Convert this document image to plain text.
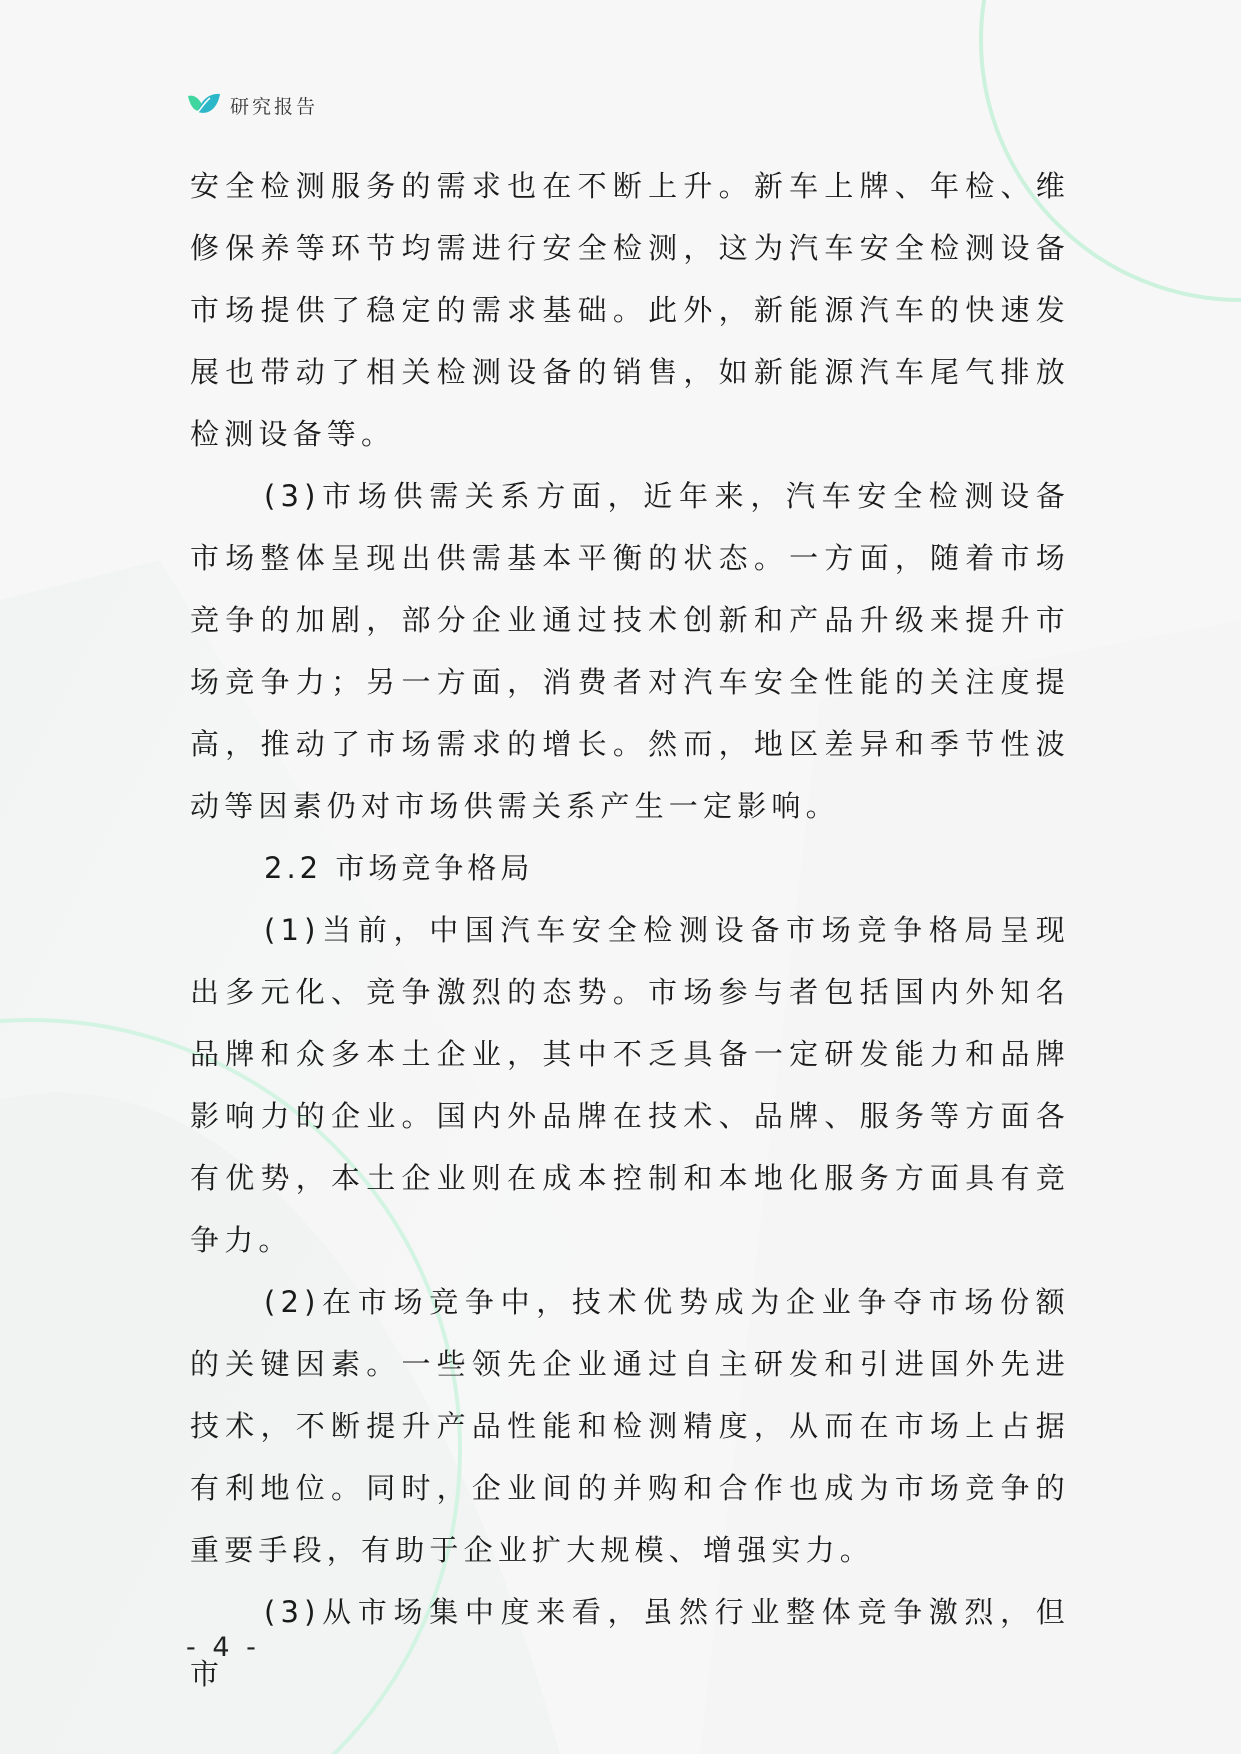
研究报告

安全检测服务的需求也在不断上升。新车上牌、年检、维修保养等环节均需进行安全检测，这为汽车安全检测设备市场提供了稳定的需求基础。此外，新能源汽车的快速发展也带动了相关检测设备的销售，如新能源汽车尾气排放检测设备等。

(3)市场供需关系方面，近年来，汽车安全检测设备市场整体呈现出供需基本平衡的状态。一方面，随着市场竞争的加剧，部分企业通过技术创新和产品升级来提升市场竞争力；另一方面，消费者对汽车安全性能的关注度提高，推动了市场需求的增长。然而，地区差异和季节性波动等因素仍对市场供需关系产生一定影响。

2.2 市场竞争格局

(1)当前，中国汽车安全检测设备市场竞争格局呈现出多元化、竞争激烈的态势。市场参与者包括国内外知名品牌和众多本土企业，其中不乏具备一定研发能力和品牌影响力的企业。国内外品牌在技术、品牌、服务等方面各有优势，本土企业则在成本控制和本地化服务方面具有竞争力。

(2)在市场竞争中，技术优势成为企业争夺市场份额的关键因素。一些领先企业通过自主研发和引进国外先进技术，不断提升产品性能和检测精度，从而在市场上占据有利地位。同时，企业间的并购和合作也成为市场竞争的重要手段，有助于企业扩大规模、增强实力。

(3)从市场集中度来看，虽然行业整体竞争激烈，但市

- 4 -
